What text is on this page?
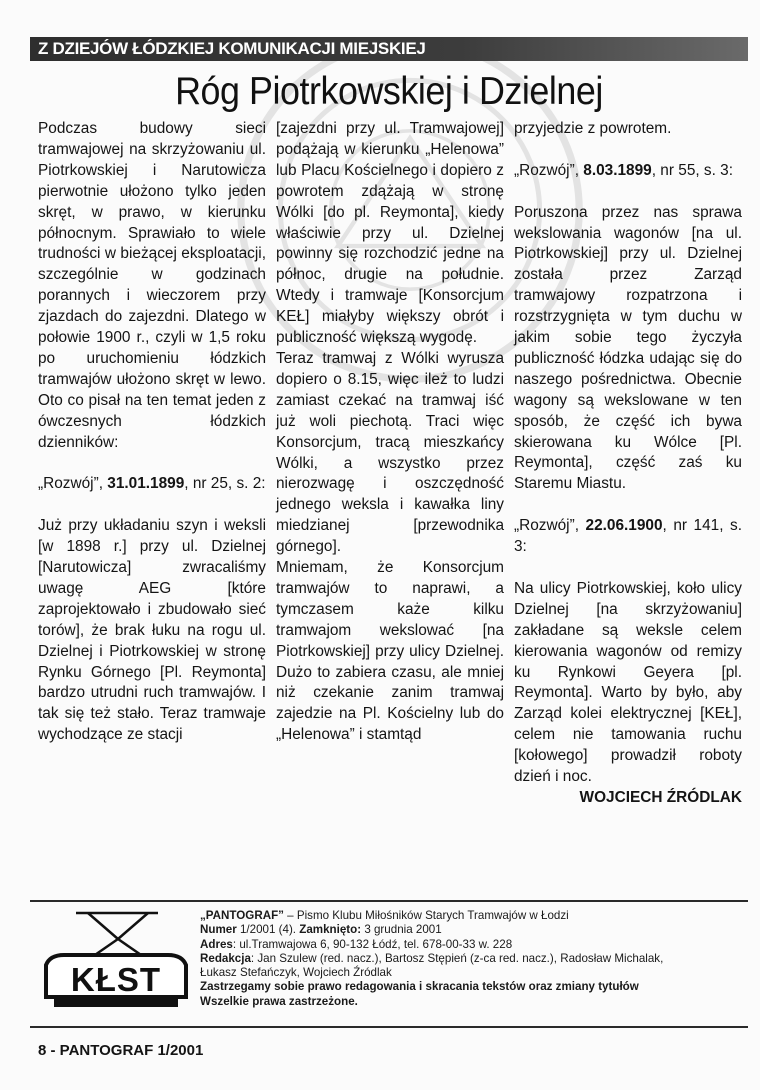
Z DZIEJÓW ŁÓDZKIEJ KOMUNIKACJI MIEJSKIEJ
Róg Piotrkowskiej i Dzielnej

Podczas budowy sieci tramwajowej na skrzyżowaniu ul. Piotrkowskiej i Narutowicza pierwotnie ułożono tylko jeden skręt, w prawo, w kierunku północnym. Sprawiało to wiele trudności w bieżącej eksploatacji, szczególnie w godzinach porannych i wieczorem przy zjazdach do zajezdni. Dlatego w połowie 1900 r., czyli w 1,5 roku po uruchomieniu łódzkich tramwajów ułożono skręt w lewo. Oto co pisał na ten temat jeden z ówczesnych łódzkich dzienników:

„Rozwój”, 31.01.1899, nr 25, s. 2:

Już przy układaniu szyn i weksli [w 1898 r.] przy ul. Dzielnej [Narutowicza] zwracaliśmy uwagę AEG [które zaprojektowało i zbudowało sieć torów], że brak łuku na rogu ul. Dzielnej i Piotrkowskiej w stronę Rynku Górnego [Pl. Reymonta] bardzo utrudni ruch tramwajów. I tak się też stało. Teraz tramwaje wychodzące ze stacji

[zajezdni przy ul. Tramwajowej] podążają w kierunku „Helenowa” lub Placu Kościelnego i dopiero z powrotem zdążają w stronę Wólki [do pl. Reymonta], kiedy właściwie przy ul. Dzielnej powinny się rozchodzić jedne na północ, drugie na południe. Wtedy i tramwaje [Konsorcjum KEŁ] miałyby większy obrót i publiczność większą wygodę.

Teraz tramwaj z Wólki wyrusza dopiero o 8.15, więc ileż to ludzi zamiast czekać na tramwaj iść już woli piechotą. Traci więc Konsorcjum, tracą mieszkańcy Wólki, a wszystko przez nierozwagę i oszczędność jednego weksla i kawałka liny miedzianej [przewodnika górnego].

Mniemam, że Konsorcjum tramwajów to naprawi, a tymczasem każe kilku tramwajom wekslować [na Piotrkowskiej] przy ulicy Dzielnej. Dużo to zabiera czasu, ale mniej niż czekanie zanim tramwaj zajedzie na Pl. Kościelny lub do „Helenowa” i stamtąd

przyjedzie z powrotem.

„Rozwój”, 8.03.1899, nr 55, s. 3:

Poruszona przez nas sprawa wekslowania wagonów [na ul. Piotrkowskiej] przy ul. Dzielnej została przez Zarząd tramwajowy rozpatrzona i rozstrzygnięta w tym duchu w jakim sobie tego życzyła publiczność łódzka udając się do naszego pośrednictwa. Obecnie wagony są wekslowane w ten sposób, że część ich bywa skierowana ku Wólce [Pl. Reymonta], część zaś ku Staremu Miastu.

„Rozwój”, 22.06.1900, nr 141, s. 3:

Na ulicy Piotrkowskiej, koło ulicy Dzielnej [na skrzyżowaniu] zakładane są weksle celem kierowania wagonów od remizy ku Rynkowi Geyera [pl. Reymonta]. Warto by było, aby Zarząd kolei elektrycznej [KEŁ], celem nie tamowania ruchu [kołowego] prowadził roboty dzień i noc.

WOJCIECH ŹRÓDLAK

KŁST
„PANTOGRAF” – Pismo Klubu Miłośników Starych Tramwajów w Łodzi
Numer 1/2001 (4). Zamknięto: 3 grudnia 2001
Adres: ul.Tramwajowa 6, 90-132 Łódź, tel. 678-00-33 w. 228
Redakcja: Jan Szulew (red. nacz.), Bartosz Stępień (z-ca red. nacz.), Radosław Michalak,
Łukasz Stefańczyk, Wojciech Źródlak
Zastrzegamy sobie prawo redagowania i skracania tekstów oraz zmiany tytułów
Wszelkie prawa zastrzeżone.
8 - PANTOGRAF 1/2001
